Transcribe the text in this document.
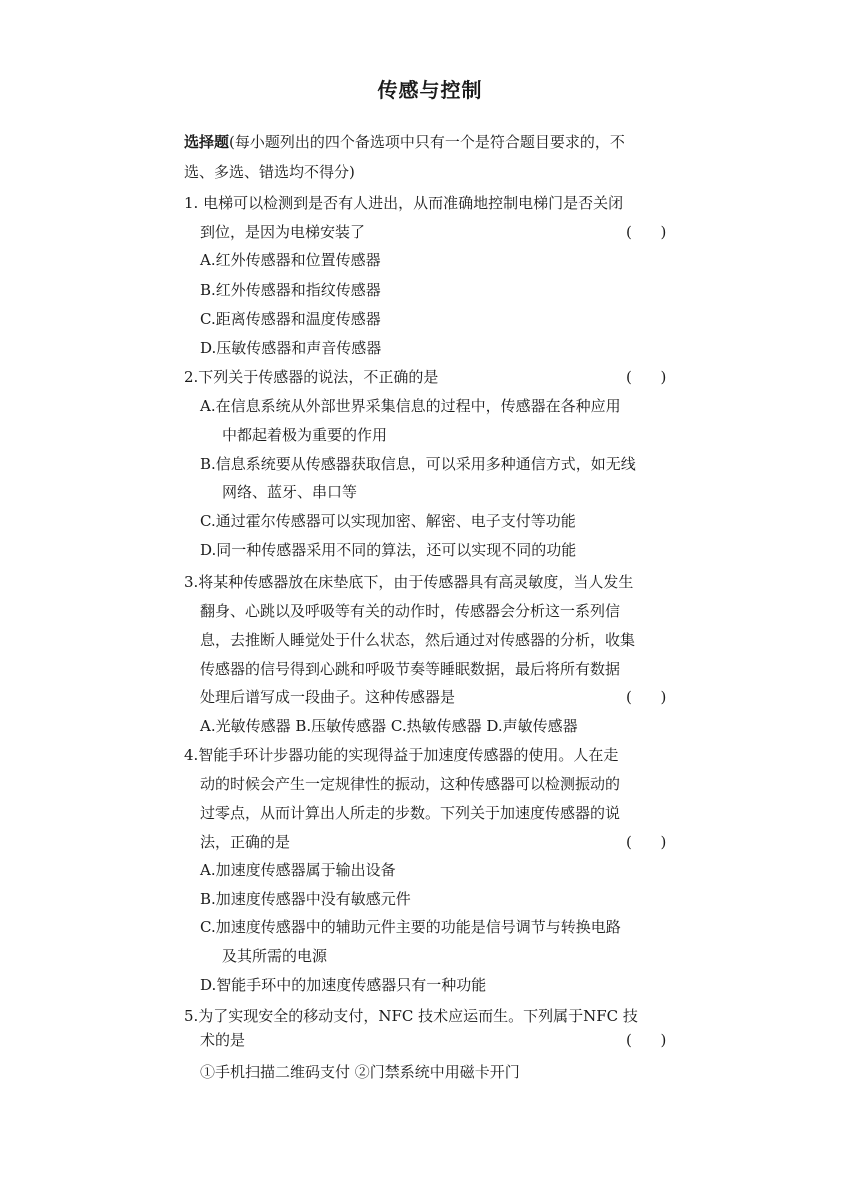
传感与控制
选择题(每小题列出的四个备选项中只有一个是符合题目要求的，不
选、多选、错选均不得分)
1. 电梯可以检测到是否有人进出，从而准确地控制电梯门是否关闭
到位，是因为电梯安装了	(      )
A.红外传感器和位置传感器
B.红外传感器和指纹传感器
C.距离传感器和温度传感器
D.压敏传感器和声音传感器
2.下列关于传感器的说法，不正确的是	(      )
A.在信息系统从外部世界采集信息的过程中，传感器在各种应用
中都起着极为重要的作用
B.信息系统要从传感器获取信息，可以采用多种通信方式，如无线
网络、蓝牙、串口等
C.通过霍尔传感器可以实现加密、解密、电子支付等功能
D.同一种传感器采用不同的算法，还可以实现不同的功能
3.将某种传感器放在床垫底下，由于传感器具有高灵敏度，当人发生
翻身、心跳以及呼吸等有关的动作时，传感器会分析这一系列信
息，去推断人睡觉处于什么状态，然后通过对传感器的分析，收集
传感器的信号得到心跳和呼吸节奏等睡眠数据，最后将所有数据
处理后谱写成一段曲子。这种传感器是	(      )
A.光敏传感器 B.压敏传感器 C.热敏传感器 D.声敏传感器
4.智能手环计步器功能的实现得益于加速度传感器的使用。人在走
动的时候会产生一定规律性的振动，这种传感器可以检测振动的
过零点，从而计算出人所走的步数。下列关于加速度传感器的说
法，正确的是	(      )
A.加速度传感器属于输出设备
B.加速度传感器中没有敏感元件
C.加速度传感器中的辅助元件主要的功能是信号调节与转换电路
及其所需的电源
D.智能手环中的加速度传感器只有一种功能
5.为了实现安全的移动支付，NFC 技术应运而生。下列属于NFC 技
术的是	(      )
①手机扫描二维码支付 ②门禁系统中用磁卡开门
